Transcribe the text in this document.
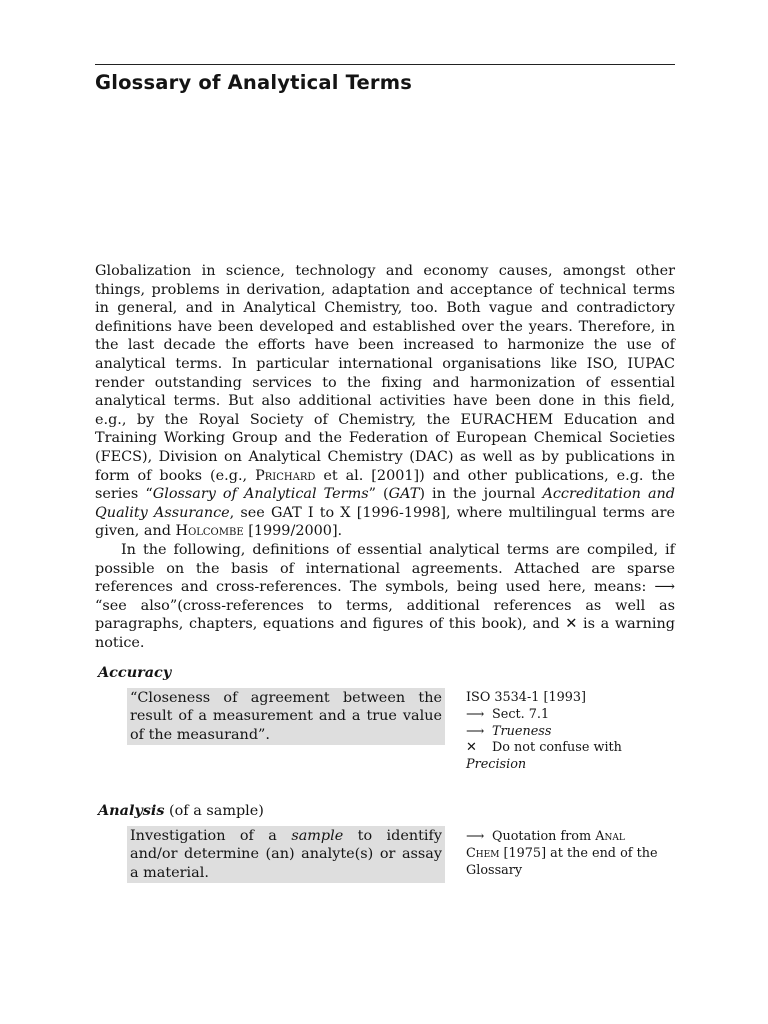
Glossary of Analytical Terms

Globalization in science, technology and economy causes, amongst other things, problems in derivation, adaptation and acceptance of technical terms in general, and in Analytical Chemistry, too. Both vague and contradictory definitions have been developed and established over the years. Therefore, in the last decade the efforts have been increased to harmonize the use of analytical terms. In particular international organisations like ISO, IUPAC render outstanding services to the fixing and harmonization of essential analytical terms. But also additional activities have been done in this field, e.g., by the Royal Society of Chemistry, the EURACHEM Education and Training Working Group and the Federation of European Chemical Societies (FECS), Division on Analytical Chemistry (DAC) as well as by publications in form of books (e.g., Prichard et al. [2001]) and other publications, e.g. the series “Glossary of Analytical Terms” (GAT) in the journal Accreditation and Quality Assurance, see GAT I to X [1996-1998], where multilingual terms are given, and Holcombe [1999/2000].

In the following, definitions of essential analytical terms are compiled, if possible on the basis of international agreements. Attached are sparse references and cross-references. The symbols, being used here, means: ⟶ “see also”(cross-references to terms, additional references as well as paragraphs, chapters, equations and figures of this book), and ✕ is a warning notice.

Accuracy
“Closeness of agreement between the result of a measurement and a true value of the measurand”.
ISO 3534-1 [1993]
⟶ Sect. 7.1
⟶ Trueness
✕ Do not confuse with
Precision
Analysis (of a sample)
Investigation of a sample to identify and/or determine (an) analyte(s) or assay a material.
⟶ Quotation from Anal
Chem [1975] at the end of the Glossary
